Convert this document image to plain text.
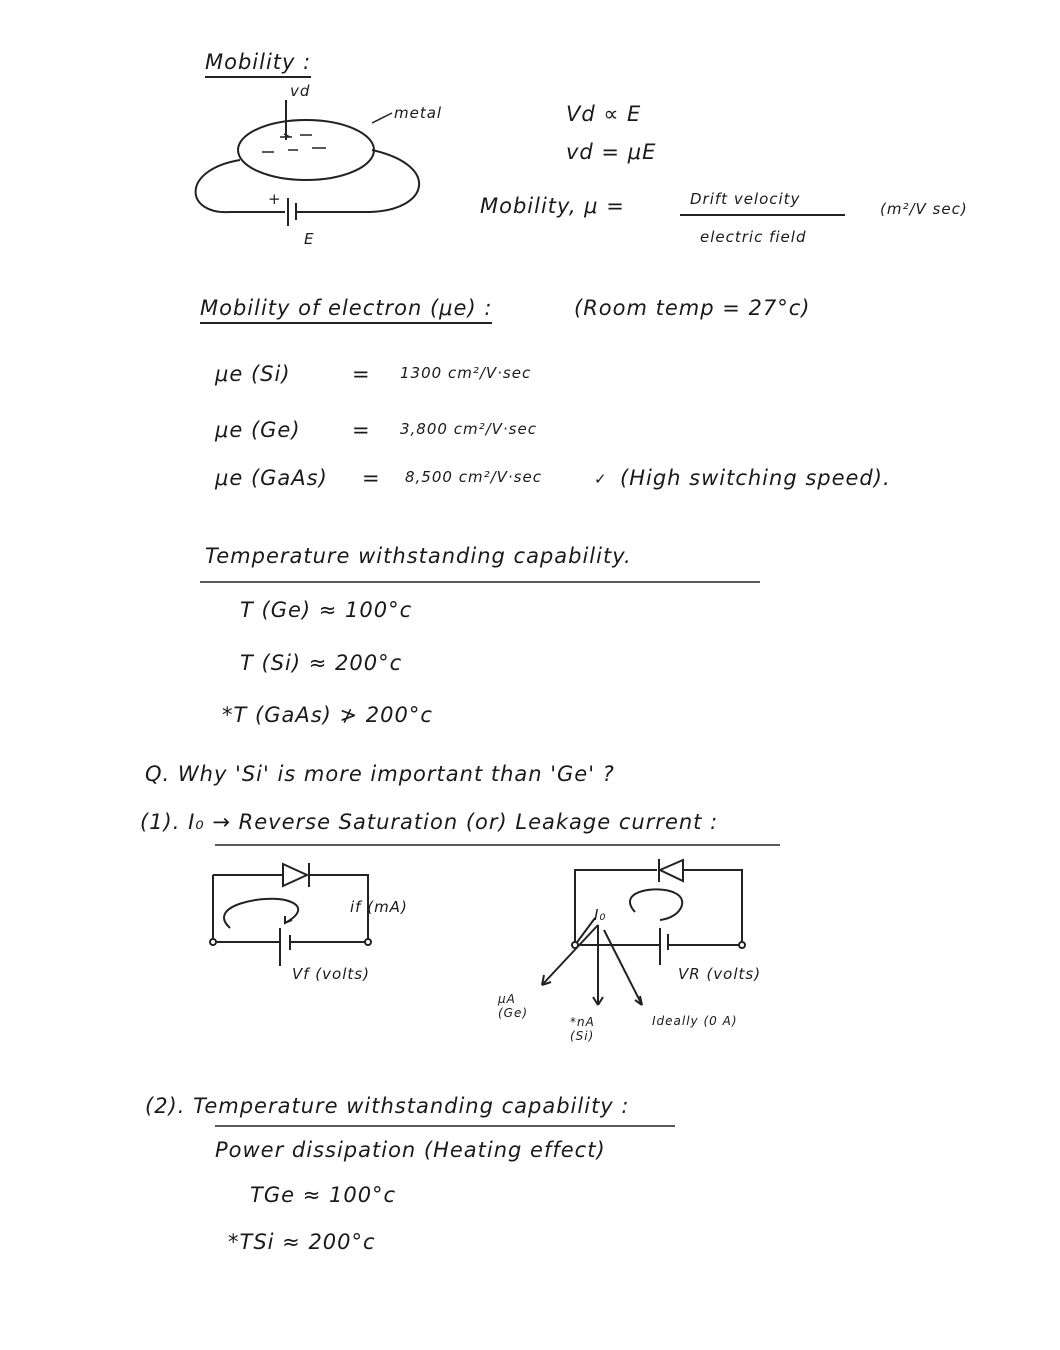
Mobility :
vd
metal
+
E
Vd ∝ E
vd = μE
Mobility, μ =	Drift velocity
electric field
(m²/V sec)
Mobility of electron (μe) :	(Room temp = 27°c)
μe (Si)	= 1300 cm²/V·sec
μe (Ge) = 3,800 cm²/V·sec
μe (GaAs) = 8,500 cm²/V·sec	✓ (High switching speed).
Temperature withstanding capability.
T (Ge) ≈ 100°c
T (Si) ≈ 200°c
*T (GaAs) ≯ 200°c
Q. Why 'Si' is more important than 'Ge' ?
(1). I₀ → Reverse Saturation (or) Leakage current :
if (mA)
Vf (volts)
I₀
VR (volts)
μA (Ge)
*nA (Si)
Ideally (0 A)
(2). Temperature withstanding capability :
Power dissipation (Heating effect)
TGe ≈ 100°c
*TSi ≈ 200°c
